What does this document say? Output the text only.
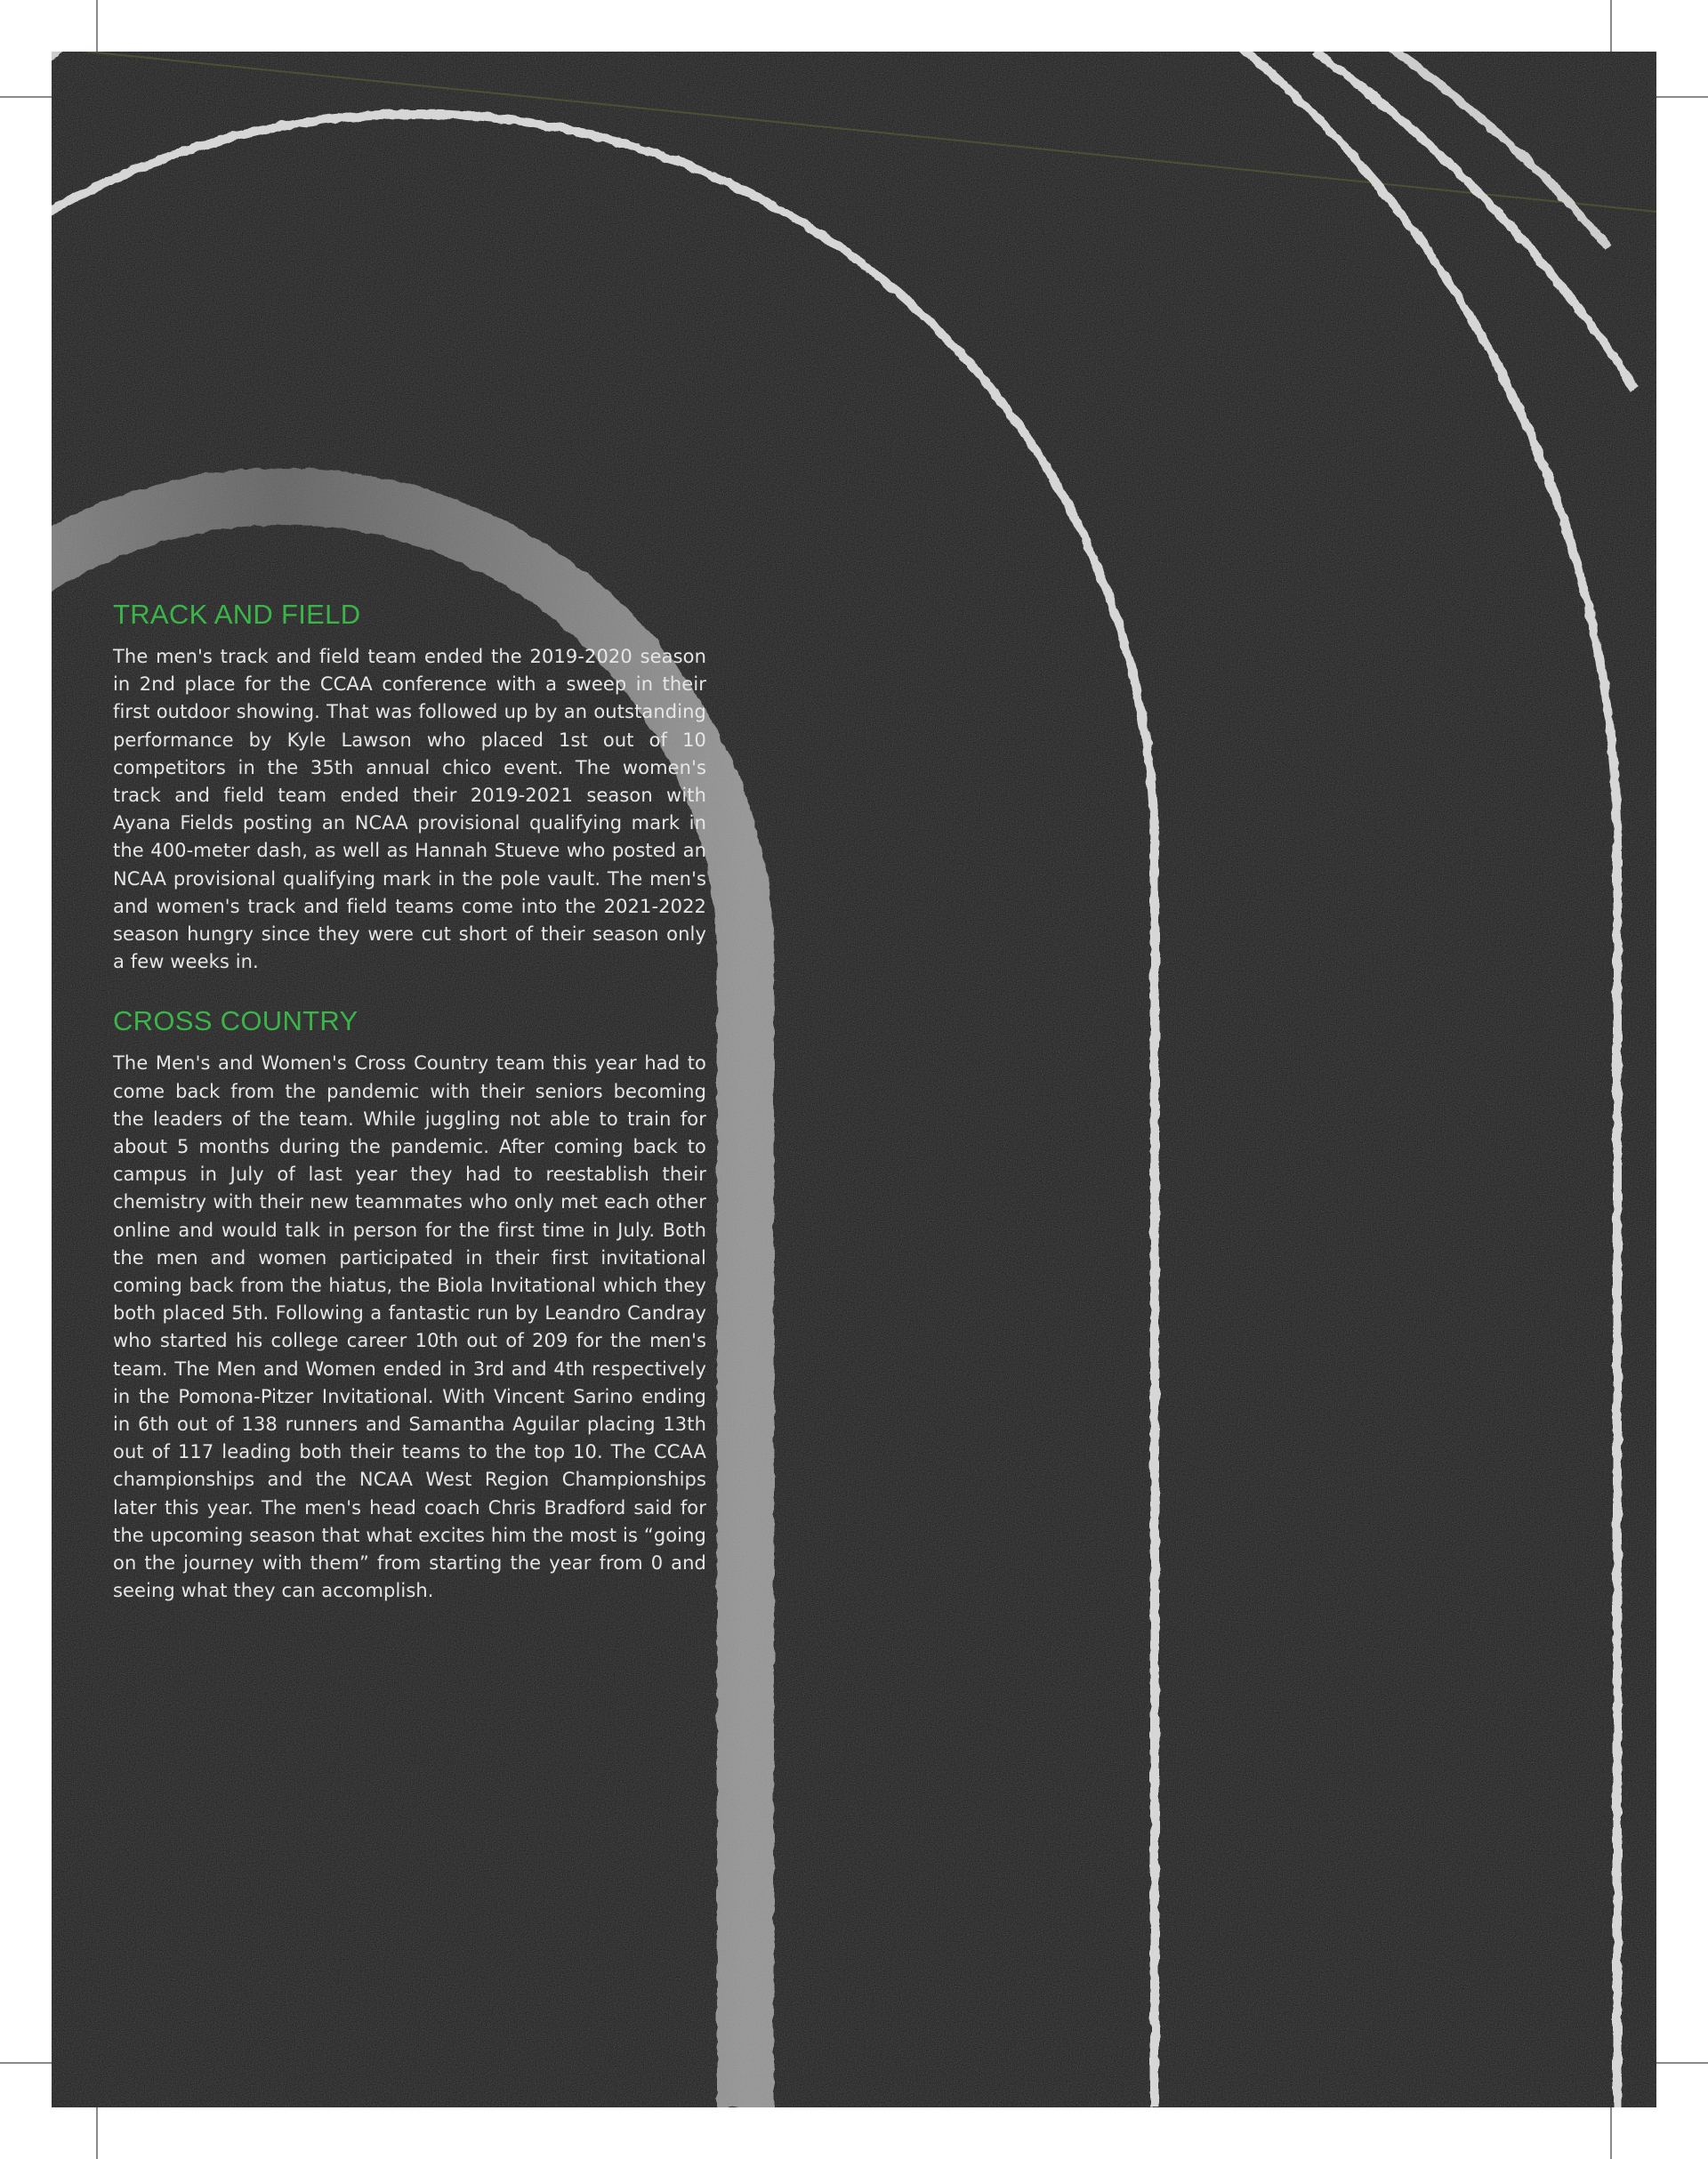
TRACK AND FIELD

The men's track and field team ended the 2019-2020 season in 2nd place for the CCAA conference with a sweep in their first outdoor showing. That was followed up by an outstanding performance by Kyle Lawson who placed 1st out of 10 competitors in the 35th annual chico event. The women's track and field team ended their 2019-2021 season with Ayana Fields posting an NCAA provisional qualifying mark in the 400-meter dash, as well as Hannah Stueve who posted an NCAA provisional qualifying mark in the pole vault. The men's and women's track and field teams come into the 2021-2022 season hungry since they were cut short of their season only a few weeks in.

CROSS COUNTRY

The Men's and Women's Cross Country team this year had to come back from the pandemic with their seniors becoming the leaders of the team. While juggling not able to train for about 5 months during the pandemic. After coming back to campus in July of last year they had to reestablish their chemistry with their new teammates who only met each other online and would talk in person for the first time in July. Both the men and women participated in their first invitational coming back from the hiatus, the Biola Invitational which they both placed 5th. Following a fantastic run by Leandro Candray who started his college career 10th out of 209 for the men's team. The Men and Women ended in 3rd and 4th respectively in the Pomona-Pitzer Invitational. With Vincent Sarino ending in 6th out of 138 runners and Samantha Aguilar placing 13th out of 117 leading both their teams to the top 10. The CCAA championships and the NCAA West Region Championships later this year. The men's head coach Chris Bradford said for the upcoming season that what excites him the most is “going on the journey with them” from starting the year from 0 and seeing what they can accomplish.
